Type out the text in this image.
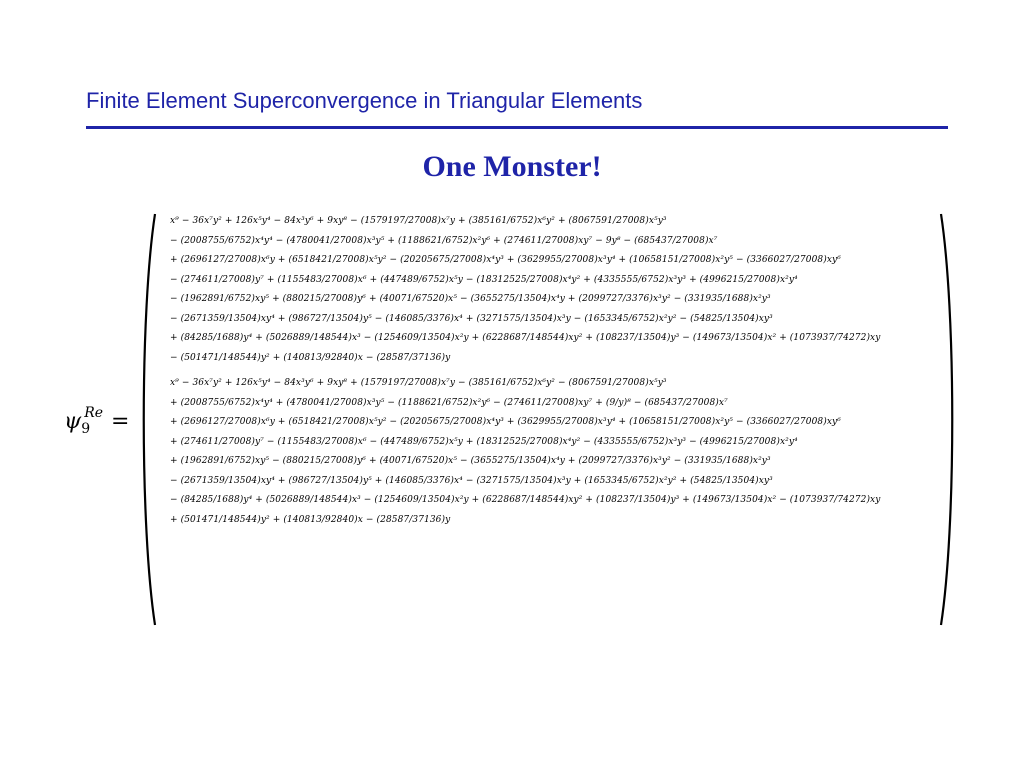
Finite Element Superconvergence in Triangular Elements
One Monster!
$\psi_9^{Re}$ =
x⁹ − 36x⁷y² + 126x⁵y⁴ − 84x³y⁶ + 9xy⁸ − (1579197/27008)x⁷y + (385161/6752)x⁶y² + (8067591/27008)x⁵y³
− (2008755/6752)x⁴y⁴ − (4780041/27008)x³y⁵ + (1188621/6752)x²y⁶ + (274611/27008)xy⁷ − 9y⁸ − (685437/27008)x⁷
+ (2696127/27008)x⁶y + (6518421/27008)x⁵y² − (20205675/27008)x⁴y³ + (3629955/27008)x³y⁴ + (10658151/27008)x²y⁵ − (3366027/27008)xy⁶
− (274611/27008)y⁷ + (1155483/27008)x⁶ + (447489/6752)x⁵y − (18312525/27008)x⁴y² + (4335555/6752)x³y³ + (4996215/27008)x²y⁴
− (1962891/6752)xy⁵ + (880215/27008)y⁶ + (40071/67520)x⁵ − (3655275/13504)x⁴y + (2099727/3376)x³y² − (331935/1688)x²y³
− (2671359/13504)xy⁴ + (986727/13504)y⁵ − (146085/3376)x⁴ + (3271575/13504)x³y − (1653345/6752)x²y² − (54825/13504)xy³
+ (84285/1688)y⁴ + (5026889/148544)x³ − (1254609/13504)x²y + (6228687/148544)xy² + (108237/13504)y³ − (149673/13504)x² + (1073937/74272)xy
− (501471/148544)y² + (140813/92840)x − (28587/37136)y
x⁹ − 36x⁷y² + 126x⁵y⁴ − 84x³y⁶ + 9xy⁸ + (1579197/27008)x⁷y − (385161/6752)x⁶y² − (8067591/27008)x⁵y³
+ (2008755/6752)x⁴y⁴ + (4780041/27008)x³y⁵ − (1188621/6752)x²y⁶ − (274611/27008)xy⁷ + (9/y)⁸ − (685437/27008)x⁷
+ (2696127/27008)x⁶y + (6518421/27008)x⁵y² − (20205675/27008)x⁴y³ + (3629955/27008)x³y⁴ + (10658151/27008)x²y⁵ − (3366027/27008)xy⁶
+ (274611/27008)y⁷ − (1155483/27008)x⁶ − (447489/6752)x⁵y + (18312525/27008)x⁴y² − (4335555/6752)x³y³ − (4996215/27008)x²y⁴
+ (1962891/6752)xy⁵ − (880215/27008)y⁶ + (40071/67520)x⁵ − (3655275/13504)x⁴y + (2099727/3376)x³y² − (331935/1688)x²y³
− (2671359/13504)xy⁴ + (986727/13504)y⁵ + (146085/3376)x⁴ − (3271575/13504)x³y + (1653345/6752)x²y² + (54825/13504)xy³
− (84285/1688)y⁴ + (5026889/148544)x³ − (1254609/13504)x²y + (6228687/148544)xy² + (108237/13504)y³ + (149673/13504)x² − (1073937/74272)xy
+ (501471/148544)y² + (140813/92840)x − (28587/37136)y
